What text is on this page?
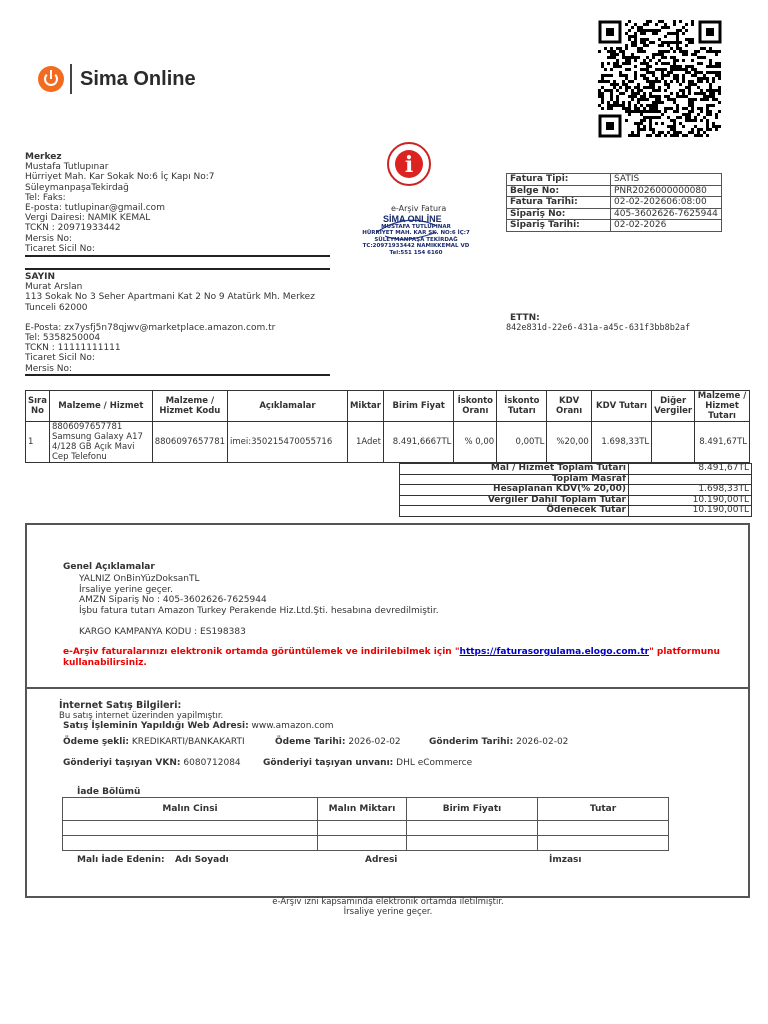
Sima Online
Merkez
Mustafa Tutlupınar
Hürriyet Mah. Kar Sokak No:6 İç Kapı No:7
SüleymanpaşaTekirdağ
Tel: Faks:
E-posta: tutlupinar@gmail.com
Vergi Dairesi: NAMIK KEMAL
TCKN : 20971933442
Mersis No:
Ticaret Sicil No:
SAYIN
Murat Arslan
113 Sokak No 3 Seher Apartmani Kat 2 No 9 Atatürk Mh. Merkez
Tunceli 62000
E-Posta: zx7ysfj5n78qjwv@marketplace.amazon.com.tr
Tel: 5358250004
TCKN : 11111111111
Ticaret Sicil No:
Mersis No:
i
e-Arşiv Fatura
SİMA ONLİNE
MUSTAFA TUTLUPINAR
HÜRRİYET MAH. KAR SK. NO:6 İÇ:7
SÜLEYMANPAŞA TEKİRDAĞ
TC:20971933442 NAMIKKEMAL VD
Tel:551 154 6160
Fatura Tipi:	SATIS
Belge No:	PNR2026000000080
Fatura Tarihi:	02-02-202606:08:00
Sipariş No:	405-3602626-7625944
Sipariş Tarihi:	02-02-2026
ETTN:
842e831d-22e6-431a-a45c-631f3bb8b2af
Sıra No	Malzeme / Hizmet	Malzeme / Hizmet Kodu	Açıklamalar	Miktar	Birim Fiyat	İskonto Oranı	İskonto Tutarı	KDV Oranı	KDV Tutarı	Diğer Vergiler	Malzeme / Hizmet Tutarı
1	8806097657781 Samsung Galaxy A17 4/128 GB Açık Mavi Cep Telefonu	8806097657781	imei:350215470055716	1Adet	8.491,6667TL	% 0,00	0,00TL	%20,00	1.698,33TL		8.491,67TL
Mal / Hizmet Toplam Tutarı	8.491,67TL
Toplam Masraf	
Hesaplanan KDV(% 20,00)	1.698,33TL
Vergiler Dahil Toplam Tutar	10.190,00TL
Ödenecek Tutar	10.190,00TL
Genel Açıklamalar
YALNIZ OnBinYüzDoksanTL
İrsaliye yerine geçer.
AMZN Sipariş No : 405-3602626-7625944
İşbu fatura tutarı Amazon Turkey Perakende Hiz.Ltd.Şti. hesabına devredilmiştir.
KARGO KAMPANYA KODU : ES198383
e-Arşiv faturalarınızı elektronik ortamda görüntülemek ve indirilebilmek için "https://faturasorgulama.elogo.com.tr" platformunu kullanabilirsiniz.
İnternet Satış Bilgileri:
Bu satış internet üzerinden yapilmıştır.
Satış İşleminin Yapıldığı Web Adresi: www.amazon.com
Ödeme şekli: KREDIKARTI/BANKAKARTI	Ödeme Tarihi: 2026-02-02	Gönderim Tarihi: 2026-02-02
Gönderiyi taşıyan VKN: 6080712084 Gönderiyi taşıyan unvanı: DHL eCommerce
İade Bölümü
Malı İade Edenin: Adı Soyadı	Adresi	İmzası
Malın Cinsi	Malın Miktarı	Birim Fiyatı	Tutar

e-Arşiv izni kapsamında elektronik ortamda iletilmiştir.
İrsaliye yerine geçer.
